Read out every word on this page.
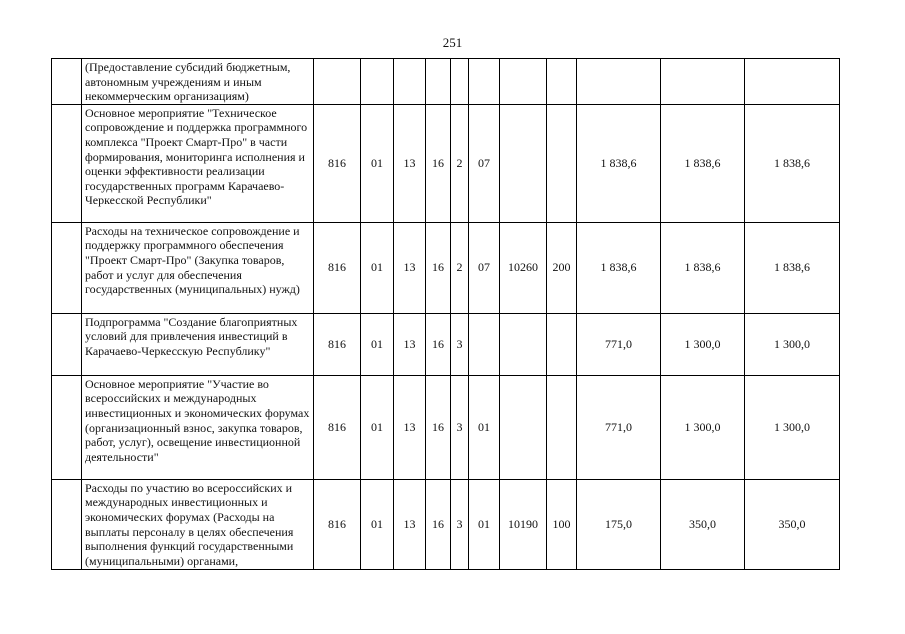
251
	(Предоставление субсидий бюджетным, автономным учреждениям и иным некоммерческим организациям)											
	Основное мероприятие "Техническое сопровождение и поддержка программного комплекса "Проект Смарт-Про" в части формирования, мониторинга исполнения и оценки эффективности реализации государственных программ Карачаево-Черкесской Республики"	816	01	13	16	2	07			1 838,6	1 838,6	1 838,6
	Расходы на техническое сопровождение и поддержку программного обеспечения "Проект Смарт-Про" (Закупка товаров, работ и услуг для обеспечения государственных (муниципальных) нужд)	816	01	13	16	2	07	10260	200	1 838,6	1 838,6	1 838,6
	Подпрограмма "Создание благоприятных условий для привлечения инвестиций в Карачаево-Черкесскую Республику"	816	01	13	16	3				771,0	1 300,0	1 300,0
	Основное мероприятие "Участие во всероссийских и международных инвестиционных и экономических форумах (организационный взнос, закупка товаров, работ, услуг), освещение инвестиционной деятельности"	816	01	13	16	3	01			771,0	1 300,0	1 300,0
	Расходы по участию во всероссийских и международных инвестиционных и экономических форумах (Расходы на выплаты персоналу в целях обеспечения выполнения функций государственными (муниципальными) органами,	816	01	13	16	3	01	10190	100	175,0	350,0	350,0
